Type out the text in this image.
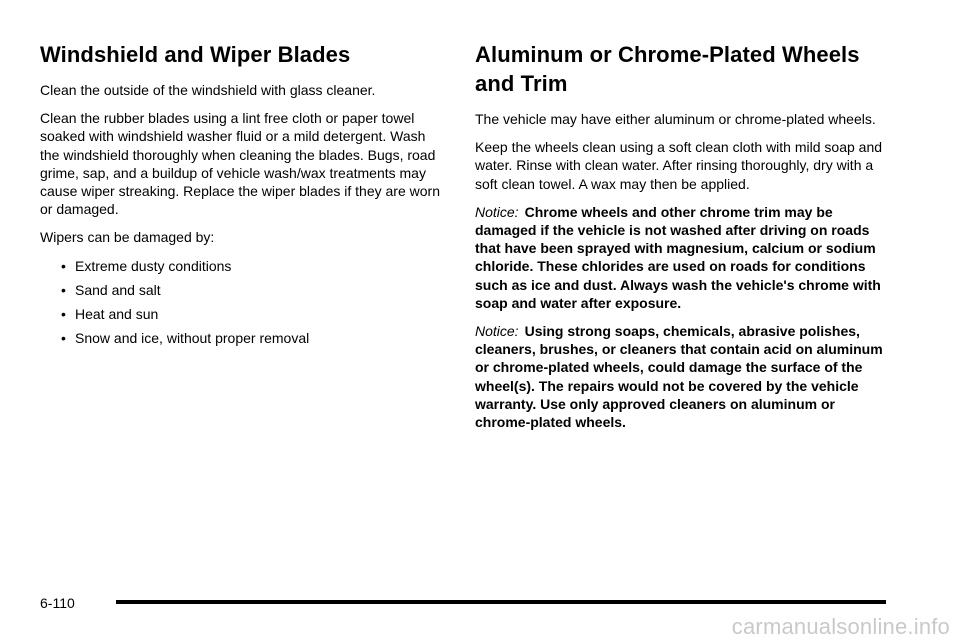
Windshield and Wiper Blades

Clean the outside of the windshield with glass cleaner.

Clean the rubber blades using a lint free cloth or paper towel soaked with windshield washer fluid or a mild detergent. Wash the windshield thoroughly when cleaning the blades. Bugs, road grime, sap, and a buildup of vehicle wash/wax treatments may cause wiper streaking. Replace the wiper blades if they are worn or damaged.

Wipers can be damaged by:

• Extreme dusty conditions
• Sand and salt
• Heat and sun
• Snow and ice, without proper removal
Aluminum or Chrome-Plated Wheels
and Trim

The vehicle may have either aluminum or chrome-plated wheels.

Keep the wheels clean using a soft clean cloth with mild soap and water. Rinse with clean water. After rinsing thoroughly, dry with a soft clean towel. A wax may then be applied.

Notice: Chrome wheels and other chrome trim may be damaged if the vehicle is not washed after driving on roads that have been sprayed with magnesium, calcium or sodium chloride. These chlorides are used on roads for conditions such as ice and dust. Always wash the vehicle's chrome with soap and water after exposure.

Notice: Using strong soaps, chemicals, abrasive polishes, cleaners, brushes, or cleaners that contain acid on aluminum or chrome-plated wheels, could damage the surface of the wheel(s). The repairs would not be covered by the vehicle warranty. Use only approved cleaners on aluminum or chrome-plated wheels.

6-110
carmanualsonline.info
